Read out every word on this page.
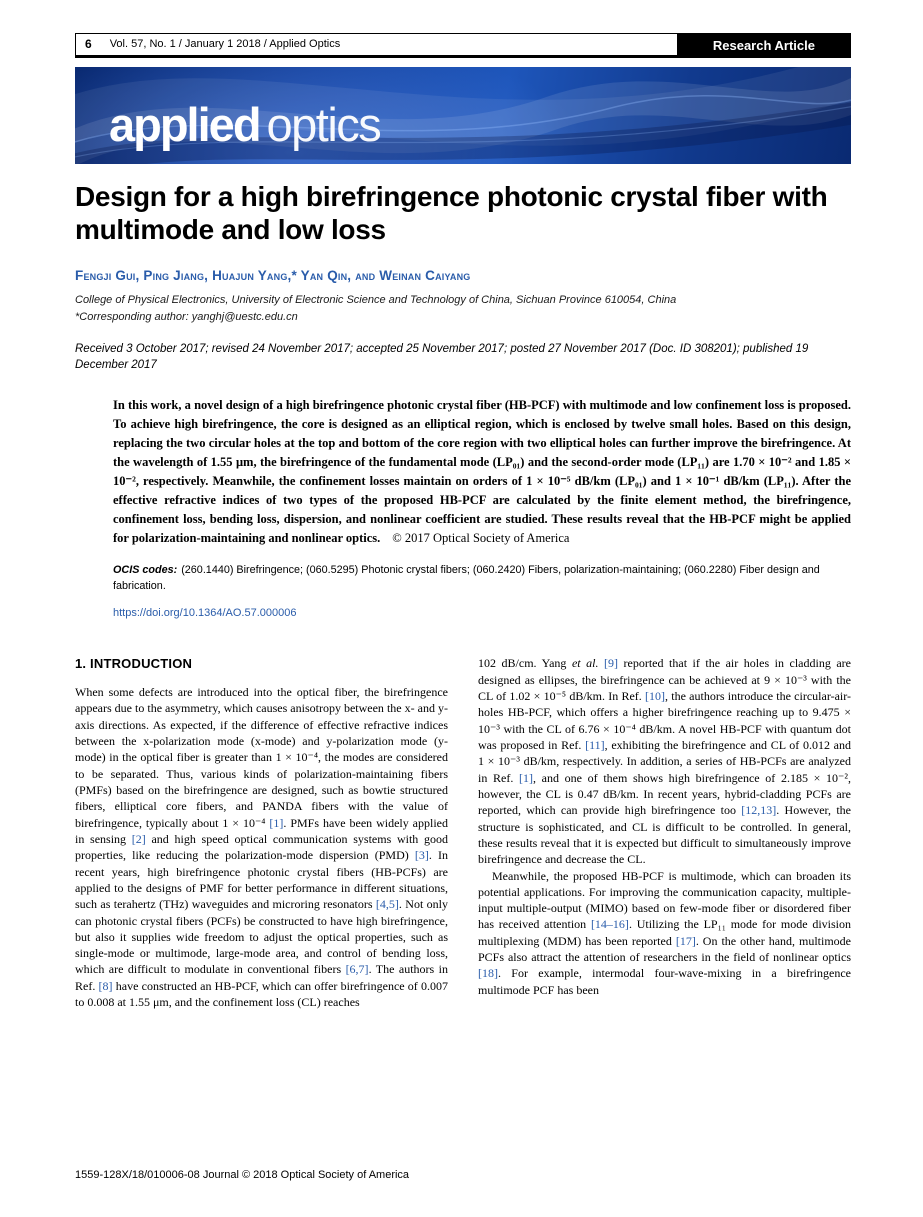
6 Vol. 57, No. 1 / January 1 2018 / Applied Optics	Research Article
applied optics
Design for a high birefringence photonic crystal fiber with multimode and low loss
Fengji Gui, Ping Jiang, Huajun Yang,* Yan Qin, and Weinan Caiyang
College of Physical Electronics, University of Electronic Science and Technology of China, Sichuan Province 610054, China
*Corresponding author: yanghj@uestc.edu.cn
Received 3 October 2017; revised 24 November 2017; accepted 25 November 2017; posted 27 November 2017 (Doc. ID 308201); published 19 December 2017

In this work, a novel design of a high birefringence photonic crystal fiber (HB-PCF) with multimode and low confinement loss is proposed. To achieve high birefringence, the core is designed as an elliptical region, which is enclosed by twelve small holes. Based on this design, replacing the two circular holes at the top and bottom of the core region with two elliptical holes can further improve the birefringence. At the wavelength of 1.55 μm, the birefringence of the fundamental mode (LP₀₁) and the second-order mode (LP₁₁) are 1.70 × 10⁻² and 1.85 × 10⁻², respectively. Meanwhile, the confinement losses maintain on orders of 1 × 10⁻⁵ dB/km (LP₀₁) and 1 × 10⁻¹ dB/km (LP₁₁). After the effective refractive indices of two types of the proposed HB-PCF are calculated by the finite element method, the birefringence, confinement loss, bending loss, dispersion, and nonlinear coefficient are studied. These results reveal that the HB-PCF might be applied for polarization-maintaining and nonlinear optics. © 2017 Optical Society of America

OCIS codes: (260.1440) Birefringence; (060.5295) Photonic crystal fibers; (060.2420) Fibers, polarization-maintaining; (060.2280) Fiber design and fabrication.

https://doi.org/10.1364/AO.57.000006
1. INTRODUCTION

When some defects are introduced into the optical fiber, the birefringence appears due to the asymmetry, which causes anisotropy between the x- and y-axis directions. As expected, if the difference of effective refractive indices between the x-polarization mode (x-mode) and y-polarization mode (y-mode) in the optical fiber is greater than 1 × 10⁻⁴, the modes are considered to be separated. Thus, various kinds of polarization-maintaining fibers (PMFs) based on the birefringence are designed, such as bowtie structured fibers, elliptical core fibers, and PANDA fibers with the value of birefringence, typically about 1 × 10⁻⁴ [1]. PMFs have been widely applied in sensing [2] and high speed optical communication systems with good properties, like reducing the polarization-mode dispersion (PMD) [3]. In recent years, high birefringence photonic crystal fibers (HB-PCFs) are applied to the designs of PMF for better performance in different situations, such as terahertz (THz) waveguides and microring resonators [4,5]. Not only can photonic crystal fibers (PCFs) be constructed to have high birefringence, but also it supplies wide freedom to adjust the optical properties, such as single-mode or multimode, large-mode area, and control of bending loss, which are difficult to modulate in conventional fibers [6,7]. The authors in Ref. [8] have constructed an HB-PCF, which can offer birefringence of 0.007 to 0.008 at 1.55 μm, and the confinement loss (CL) reaches

102 dB/cm. Yang et al. [9] reported that if the air holes in cladding are designed as ellipses, the birefringence can be achieved at 9 × 10⁻³ with the CL of 1.02 × 10⁻⁵ dB/km. In Ref. [10], the authors introduce the circular-air-holes HB-PCF, which offers a higher birefringence reaching up to 9.475 × 10⁻³ with the CL of 6.76 × 10⁻⁴ dB/km. A novel HB-PCF with quantum dot was proposed in Ref. [11], exhibiting the birefringence and CL of 0.012 and 1 × 10⁻³ dB/km, respectively. In addition, a series of HB-PCFs are analyzed in Ref. [1], and one of them shows high birefringence of 2.185 × 10⁻², however, the CL is 0.47 dB/km. In recent years, hybrid-cladding PCFs are reported, which can provide high birefringence too [12,13]. However, the structure is sophisticated, and CL is difficult to be controlled. In general, these results reveal that it is expected but difficult to simultaneously improve birefringence and decrease the CL.

Meanwhile, the proposed HB-PCF is multimode, which can broaden its potential applications. For improving the communication capacity, multiple-input multiple-output (MIMO) based on few-mode fiber or disordered fiber has received attention [14–16]. Utilizing the LP₁₁ mode for mode division multiplexing (MDM) has been reported [17]. On the other hand, multimode PCFs also attract the attention of researchers in the field of nonlinear optics [18]. For example, intermodal four-wave-mixing in a birefringence multimode PCF has been

1559-128X/18/010006-08 Journal © 2018 Optical Society of America
